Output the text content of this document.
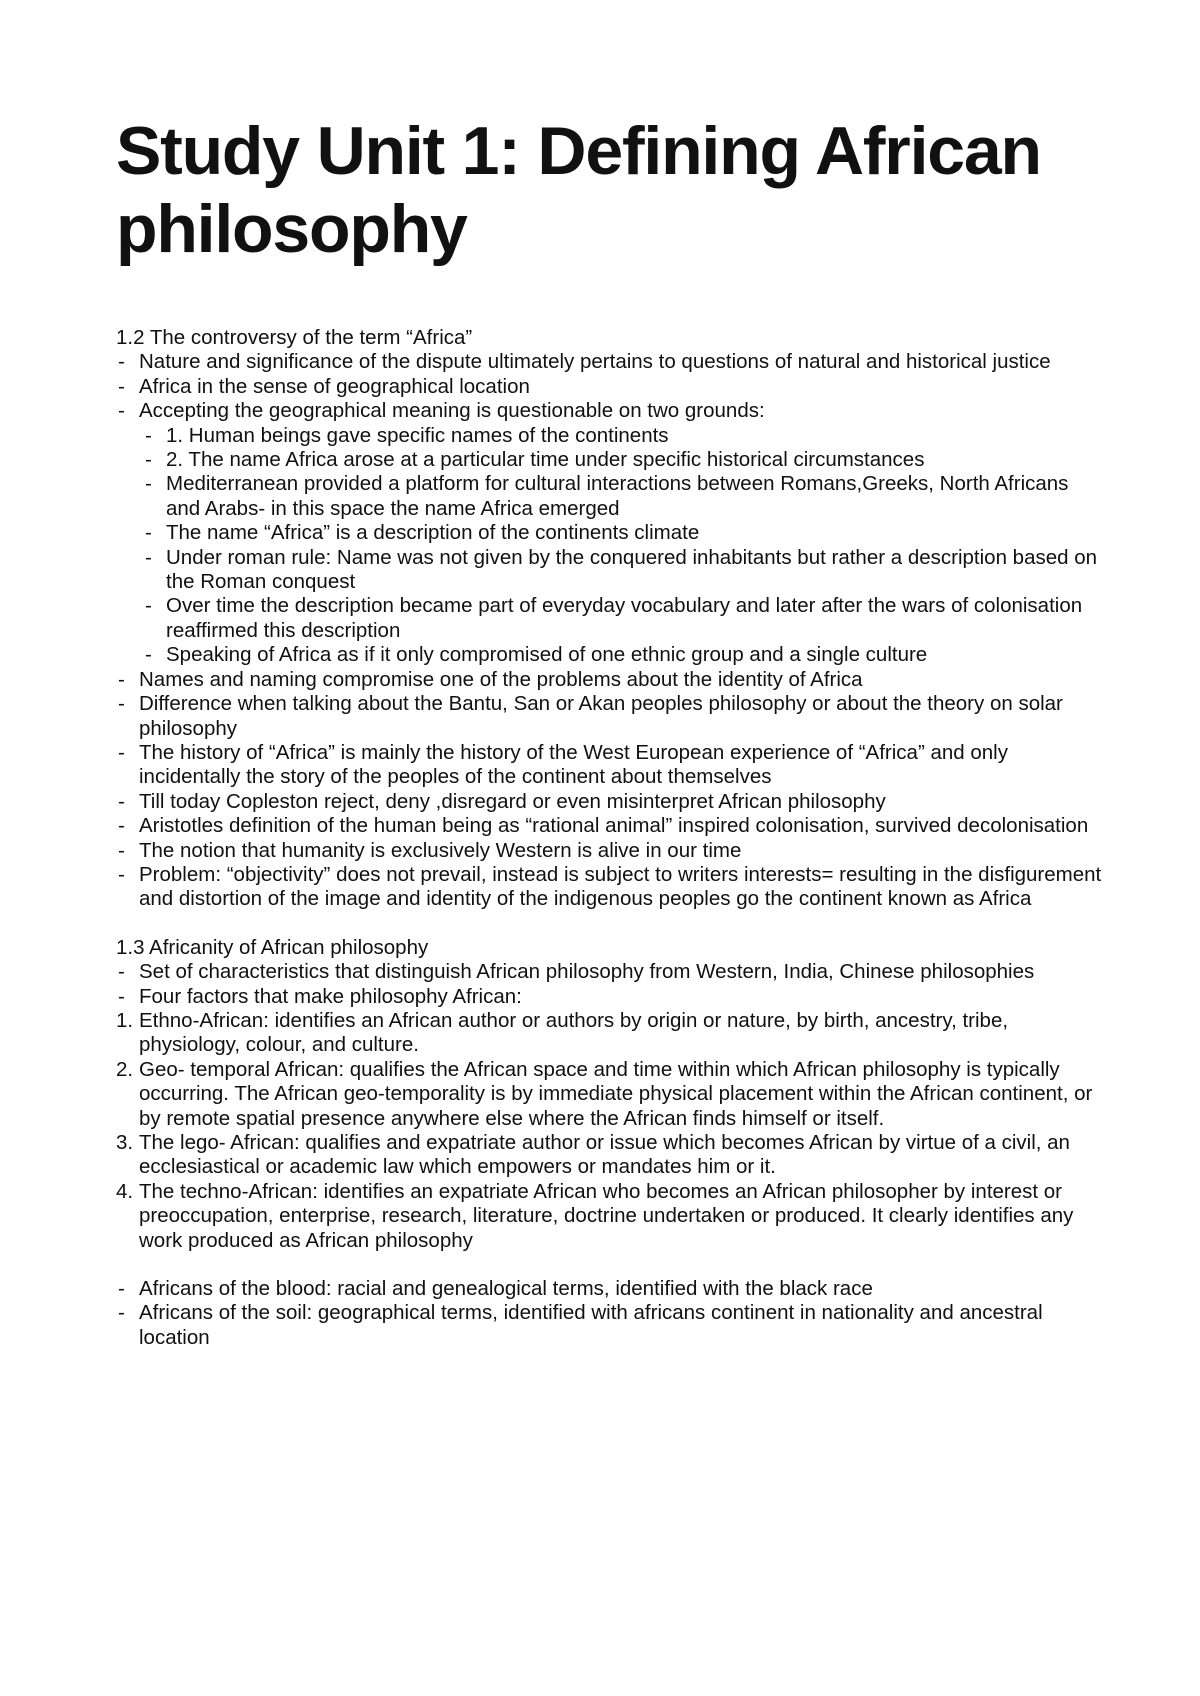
Study Unit 1: Defining African philosophy
1.2 The controversy of the term “Africa”
- Nature and significance of the dispute ultimately pertains to questions of natural and historical justice
- Africa in the sense of geographical location
- Accepting the geographical meaning is questionable on two grounds:
- 1. Human beings gave specific names of the continents
- 2. The name Africa arose at a particular time under specific historical circumstances
- Mediterranean provided a platform for cultural interactions between Romans,Greeks, North Africans and Arabs- in this space the name Africa emerged
- The name “Africa” is a description of the continents climate
- Under roman rule: Name was not given by the conquered inhabitants but rather a description based on the Roman conquest
- Over time the description became part of everyday vocabulary and later after the wars of colonisation reaffirmed this description
- Speaking of Africa as if it only compromised of one ethnic group and a single culture
- Names and naming compromise one of the problems about the identity of Africa
- Difference when talking about the Bantu, San or Akan peoples philosophy or about the theory on solar philosophy
- The history of “Africa” is mainly the history of the West European experience of “Africa” and only incidentally the story of the peoples of the continent about themselves
- Till today Copleston reject, deny ,disregard or even misinterpret African philosophy
- Aristotles definition of the human being as “rational animal” inspired colonisation, survived decolonisation
- The notion that humanity is exclusively Western is alive in our time
- Problem: “objectivity” does not prevail, instead is subject to writers interests= resulting in the disfigurement and distortion of the image and identity of the indigenous peoples go the continent known as Africa
1.3 Africanity of African philosophy
- Set of characteristics that distinguish African philosophy from Western, India, Chinese philosophies
- Four factors that make philosophy African:
1. Ethno-African: identifies an African author or authors by origin or nature, by birth, ancestry, tribe, physiology, colour, and culture.
2. Geo- temporal African: qualifies the African space and time within which African philosophy is typically occurring. The African geo-temporality is by immediate physical placement within the African continent, or by remote spatial presence anywhere else where the African finds himself or itself.
3. The lego- African: qualifies and expatriate author or issue which becomes African by virtue of a civil, an ecclesiastical or academic law which empowers or mandates him or it.
4. The techno-African: identifies an expatriate African who becomes an African philosopher by interest or preoccupation, enterprise, research, literature, doctrine undertaken or produced. It clearly identifies any work produced as African philosophy
- Africans of the blood: racial and genealogical terms, identified with the black race
- Africans of the soil: geographical terms, identified with africans continent in nationality and ancestral location
